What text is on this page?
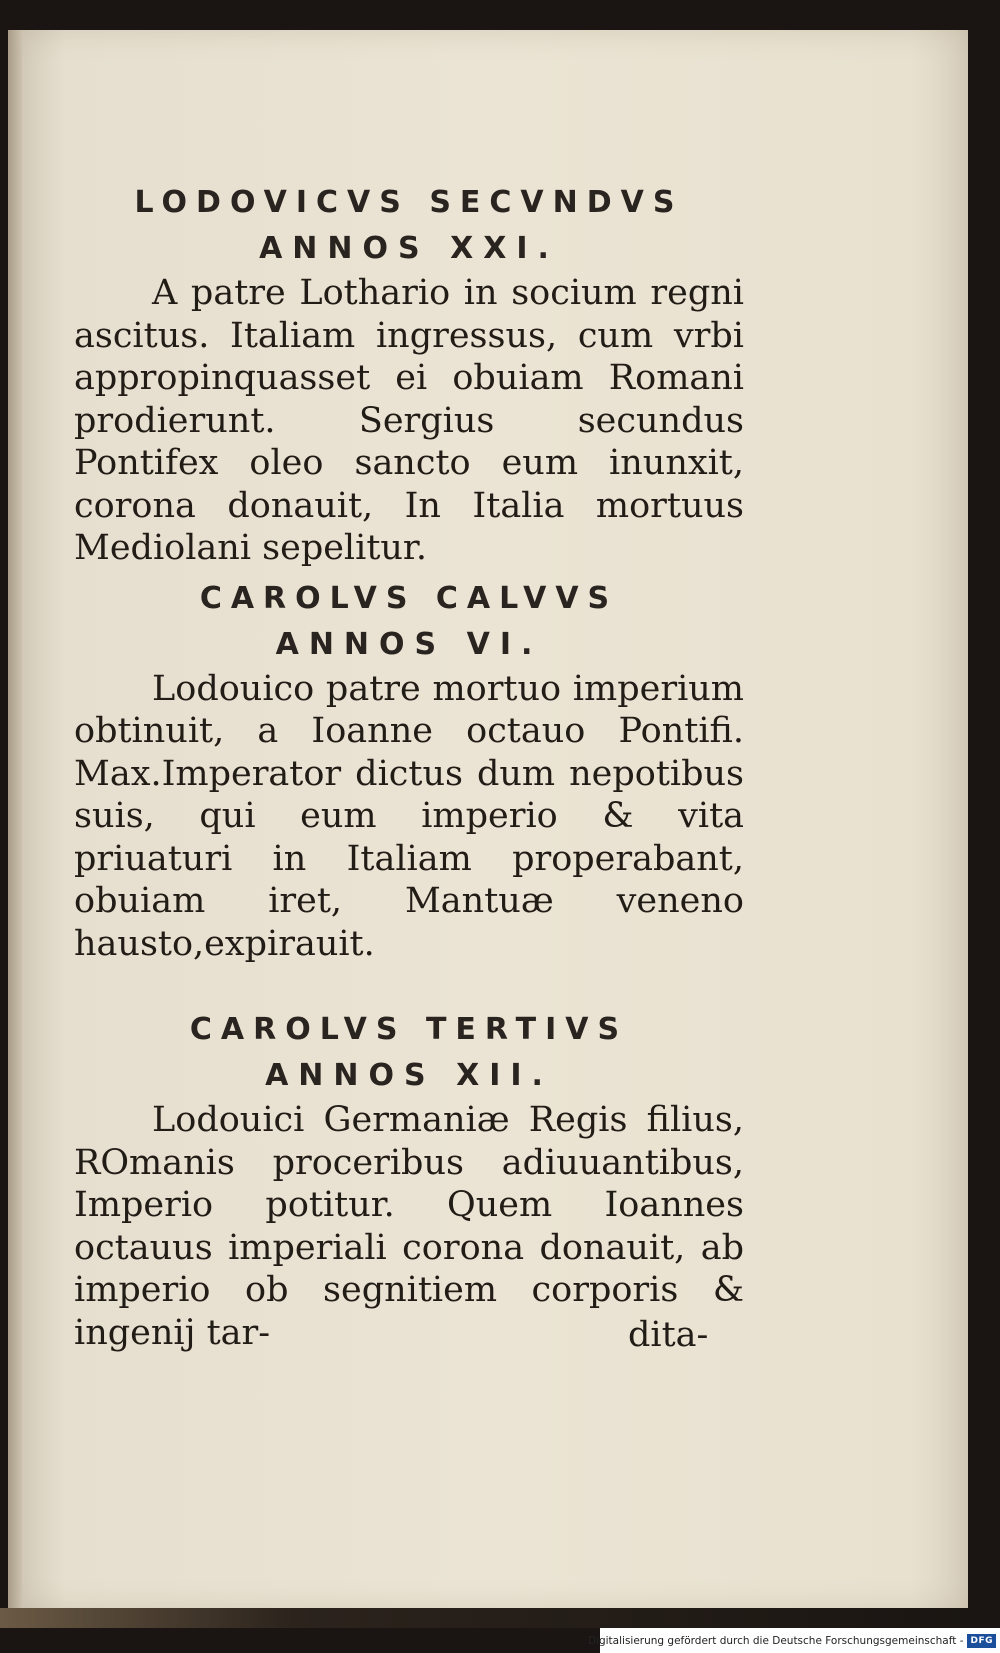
LODOVICVS SECVNDVS
ANNOS XXI.

A patre Lothario in socium regni ascitus. Italiam ingressus, cum vrbi appropinquasset ei obuiam Romani prodierunt. Sergius secundus Pontifex oleo sancto eum inunxit, corona donauit, In Italia mortuus Mediolani sepelitur.

CAROLVS CALVVS
ANNOS VI.

Lodouico patre mortuo imperium obtinuit, a Ioanne octauo Pontifi. Max.Imperator dictus dum nepotibus suis, qui eum imperio & vita priuaturi in Italiam properabant, obuiam iret, Mantuæ veneno hausto,expirauit.

CAROLVS TERTIVS
ANNOS XII.

Lodouici Germaniæ Regis filius, ROmanis proceribus adiuuantibus, Imperio potitur. Quem Ioannes octauus imperiali corona donauit, ab imperio ob segnitiem corporis & ingenij tar-	dita-
Digitalisierung gefördert durch die Deutsche Forschungsgemeinschaft - DFG
